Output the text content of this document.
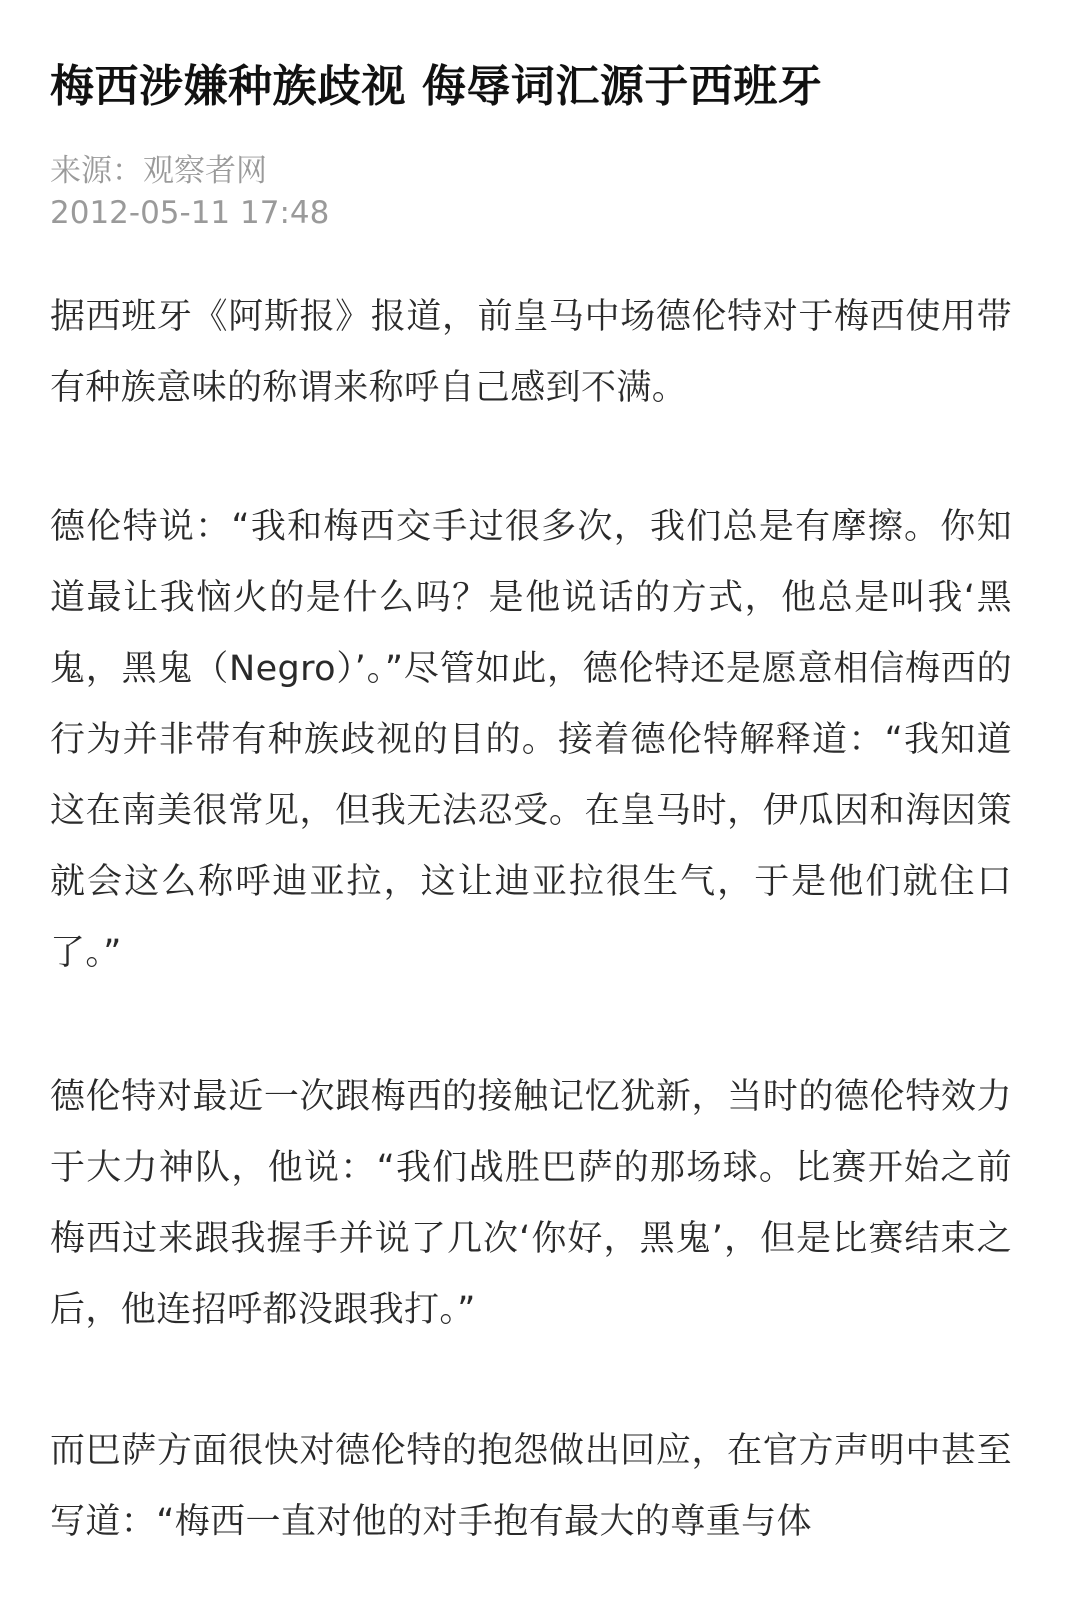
梅西涉嫌种族歧视 侮辱词汇源于西班牙
来源：观察者网
2012-05-11 17:48

据西班牙《阿斯报》报道，前皇马中场德伦特对于梅西使用带有种族意味的称谓来称呼自己感到不满。

德伦特说：“我和梅西交手过很多次，我们总是有摩擦。你知道最让我恼火的是什么吗？是他说话的方式，他总是叫我‘黑鬼，黑鬼（Negro）’。”尽管如此，德伦特还是愿意相信梅西的行为并非带有种族歧视的目的。接着德伦特解释道：“我知道这在南美很常见，但我无法忍受。在皇马时，伊瓜因和海因策就会这么称呼迪亚拉，这让迪亚拉很生气，于是他们就住口了。”

德伦特对最近一次跟梅西的接触记忆犹新，当时的德伦特效力于大力神队，他说：“我们战胜巴萨的那场球。比赛开始之前梅西过来跟我握手并说了几次‘你好，黑鬼’，但是比赛结束之后，他连招呼都没跟我打。”

而巴萨方面很快对德伦特的抱怨做出回应，在官方声明中甚至写道：“梅西一直对他的对手抱有最大的尊重与体
